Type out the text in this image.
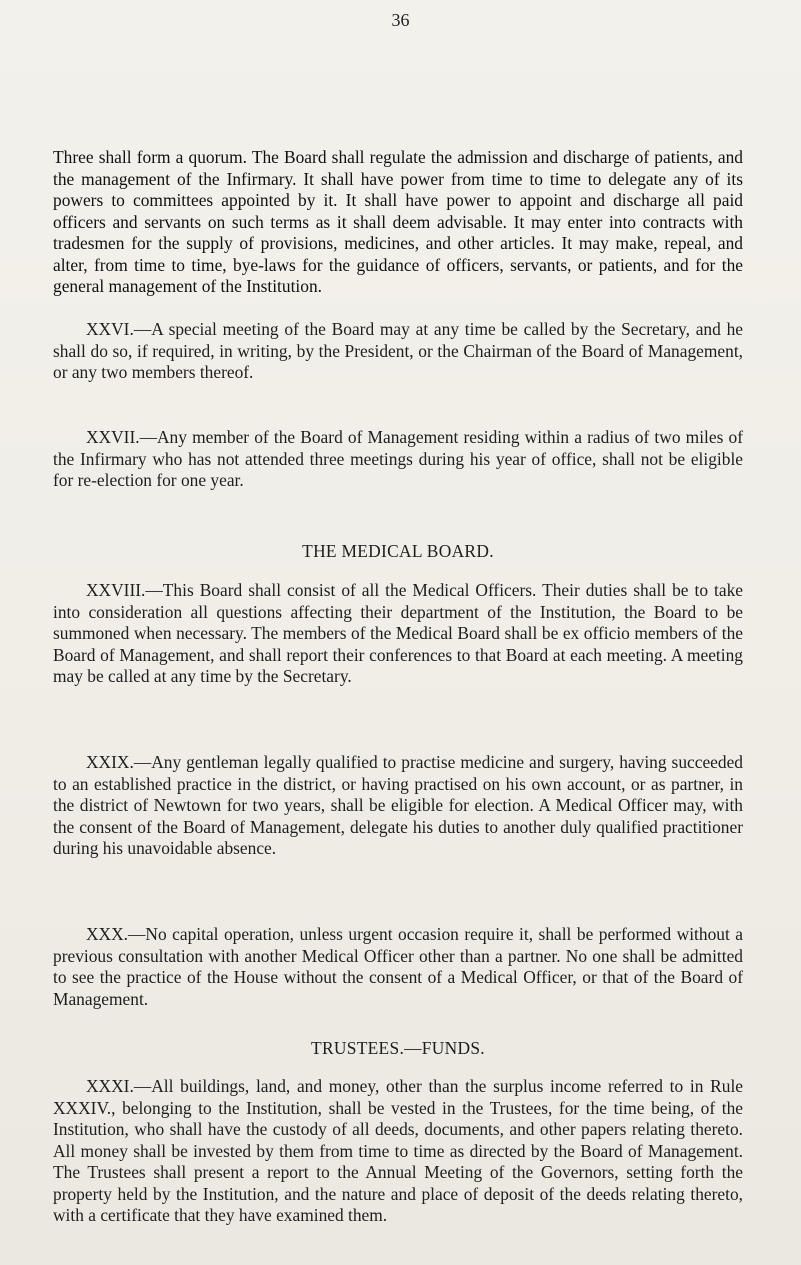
36

Three shall form a quorum. The Board shall regulate the admission and discharge of patients, and the management of the Infirmary. It shall have power from time to time to delegate any of its powers to committees appointed by it. It shall have power to appoint and discharge all paid officers and servants on such terms as it shall deem advisable. It may enter into contracts with tradesmen for the supply of provisions, medicines, and other articles. It may make, repeal, and alter, from time to time, bye-laws for the guidance of officers, servants, or patients, and for the general management of the Institution.

XXVI.—A special meeting of the Board may at any time be called by the Secretary, and he shall do so, if required, in writing, by the President, or the Chairman of the Board of Management, or any two members thereof.

XXVII.—Any member of the Board of Management residing within a radius of two miles of the Infirmary who has not attended three meetings during his year of office, shall not be eligible for re-election for one year.

THE MEDICAL BOARD.

XXVIII.—This Board shall consist of all the Medical Officers. Their duties shall be to take into consideration all questions affecting their department of the Institution, the Board to be summoned when necessary. The members of the Medical Board shall be ex officio members of the Board of Management, and shall report their conferences to that Board at each meeting. A meeting may be called at any time by the Secretary.

XXIX.—Any gentleman legally qualified to practise medicine and surgery, having succeeded to an established practice in the district, or having practised on his own account, or as partner, in the district of Newtown for two years, shall be eligible for election. A Medical Officer may, with the consent of the Board of Management, delegate his duties to another duly qualified practitioner during his unavoidable absence.

XXX.—No capital operation, unless urgent occasion require it, shall be performed without a previous consultation with another Medical Officer other than a partner. No one shall be admitted to see the practice of the House without the consent of a Medical Officer, or that of the Board of Management.

TRUSTEES.—FUNDS.

XXXI.—All buildings, land, and money, other than the surplus income referred to in Rule XXXIV., belonging to the Institution, shall be vested in the Trustees, for the time being, of the Institution, who shall have the custody of all deeds, documents, and other papers relating thereto. All money shall be invested by them from time to time as directed by the Board of Management. The Trustees shall present a report to the Annual Meeting of the Governors, setting forth the property held by the Institution, and the nature and place of deposit of the deeds relating thereto, with a certificate that they have examined them.
